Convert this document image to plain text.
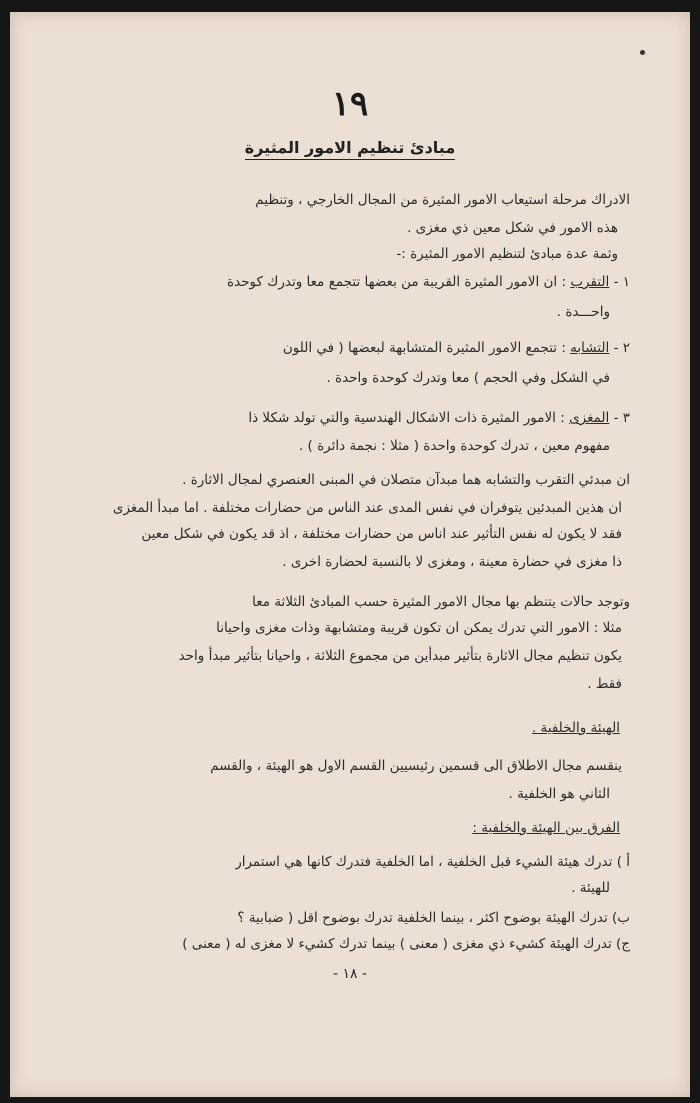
١٩
مبادئ تنظيم الامور المثيرة
الادراك مرحلة استيعاب الامور المثيرة من المجال الخارجي ، وتنظيم
هذه الامور في شكل معين ذي مغزى .
وثمة عدة مبادئ لتنظيم الامور المثيرة :-
١ - التقرب : ان الامور المثيرة القريبة من بعضها تتجمع معا وتدرك كوحدة
واحـــدة .
٢ - التشابه : تتجمع الامور المثيرة المتشابهة لبعضها ( في اللون
في الشكل وفي الحجم ) معا وتدرك كوحدة واحدة .
٣ - المغزى : الامور المثيرة ذات الاشكال الهندسية والتي تولد شكلا ذا
مفهوم معين ، تدرك كوحدة واحدة ( مثلا : نجمة دائرة ) .
ان مبدئي التقرب والتشابه هما مبدآن متصلان في المبنى العنصري لمجال الاثارة .
ان هذين المبدئين يتوفران في نفس المدى عند الناس من حضارات مختلفة . اما مبدأ المغزى
فقد لا يكون له نفس التأثير عند اناس من حضارات مختلفة ، اذ قد يكون في شكل معين
ذا مغزى في حضارة معينة ، ومغزى لا بالنسبة لحضارة اخرى .
وتوجد حالات يتنظم بها مجال الامور المثيرة حسب المبادئ الثلاثة معا
مثلا : الامور التي تدرك يمكن ان تكون قريبة ومتشابهة وذات مغزى واحيانا
يكون تنظيم مجال الاثارة بتأثير مبدأين من مجموع الثلاثة ، واحيانا بتأثير مبدأ واحد
فقط .
الهيئة والخلفية .
ينقسم مجال الاطلاق الى قسمين رئيسيين القسم الاول هو الهيئة ، والقسم
الثاني هو الخلفية .
الفرق بين الهيئة والخلفية :
أ ) تدرك هيئة الشيء قبل الخلفية ، اما الخلفية فتدرك كانها هي استمرار
للهيئة .
ب) تدرك الهيئة بوضوح اكثر ، بينما الخلفية تدرك بوضوح اقل ( ضبابية ؟
ج) تدرك الهيئة كشيء ذي مغزى ( معنى ) بينما تدرك كشيء لا مغزى له ( معنى )
- ١٨ -
